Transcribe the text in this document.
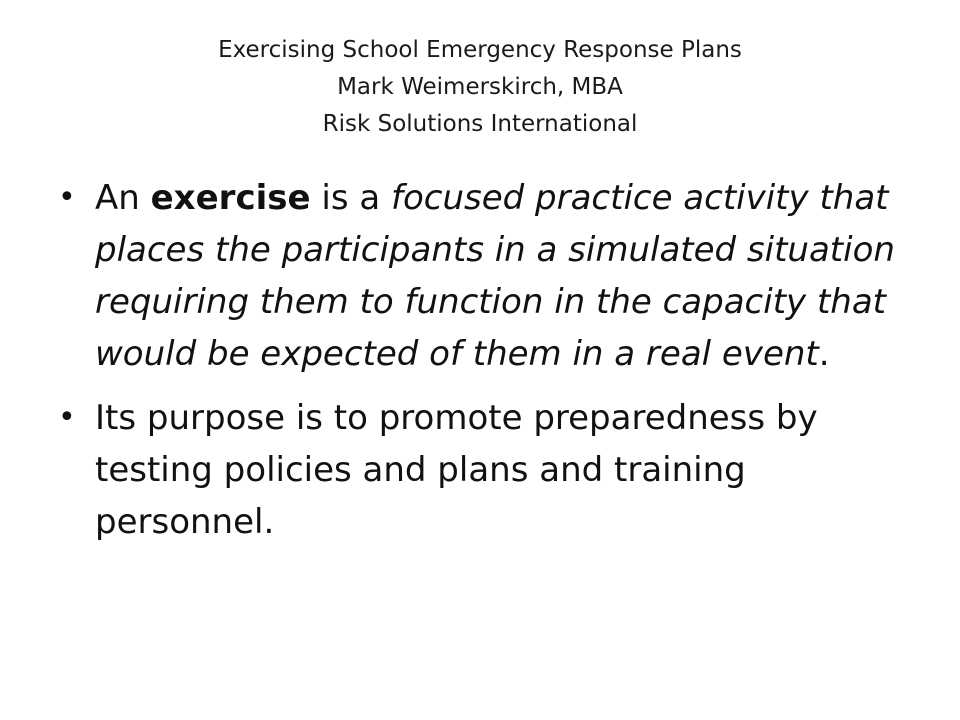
Exercising School Emergency Response Plans
Mark Weimerskirch, MBA
Risk Solutions International
• An exercise is a focused practice activity that places the participants in a simulated situation requiring them to function in the capacity that would be expected of them in a real event.
• Its purpose is to promote preparedness by testing policies and plans and training personnel.
